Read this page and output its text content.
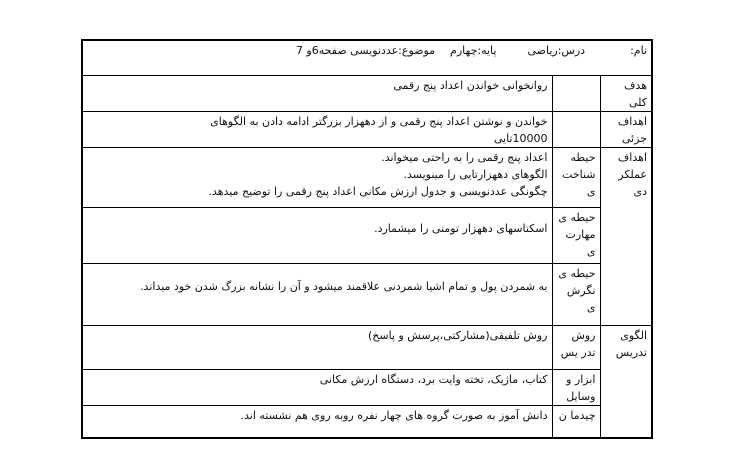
نام:  درس:ریاضی  پایه:چهارم  موضوع:عددنویسی صفحه6و 7		
هدف کلی		روانخوانی خواندن اعداد پنج رقمی
اهداف جزئی		خواندن و نوشتن اعداد پنج رقمی و از دههزار بزرگتر ادامه دادن به الگوهای 10000تایی
اهداف عملکر دی	حیطه شناخت ی	اعداد پنج رقمی را به راحتی میخواند.
الگوهای دههزارتایی را مینویسد.
چگونگی عددنویسی و جدول ارزش مکانی اعداد پنج رقمی را توضیح میدهد.

	حیطه ی مهارت ی	اسکناسهای دههزار تومنی را میشمارد.
	حیطه ی نگرش ی	به شمردن پول و تمام اشیا شمردنی علاقمند میشود و آن را نشانه بزرگ شدن خود میداند.
الگوی تدریس	روش تدر یس	روش تلفیقی(مشارکتی،پرسش و پاسخ)
	ابزار و وسایل	کتاب، ماژیک، تخته وایت برد، دستگاه ارزش مکانی
	چیدما ن	دانش آموز به صورت گروه های چهار نفره روبه روی هم نشسته اند.
